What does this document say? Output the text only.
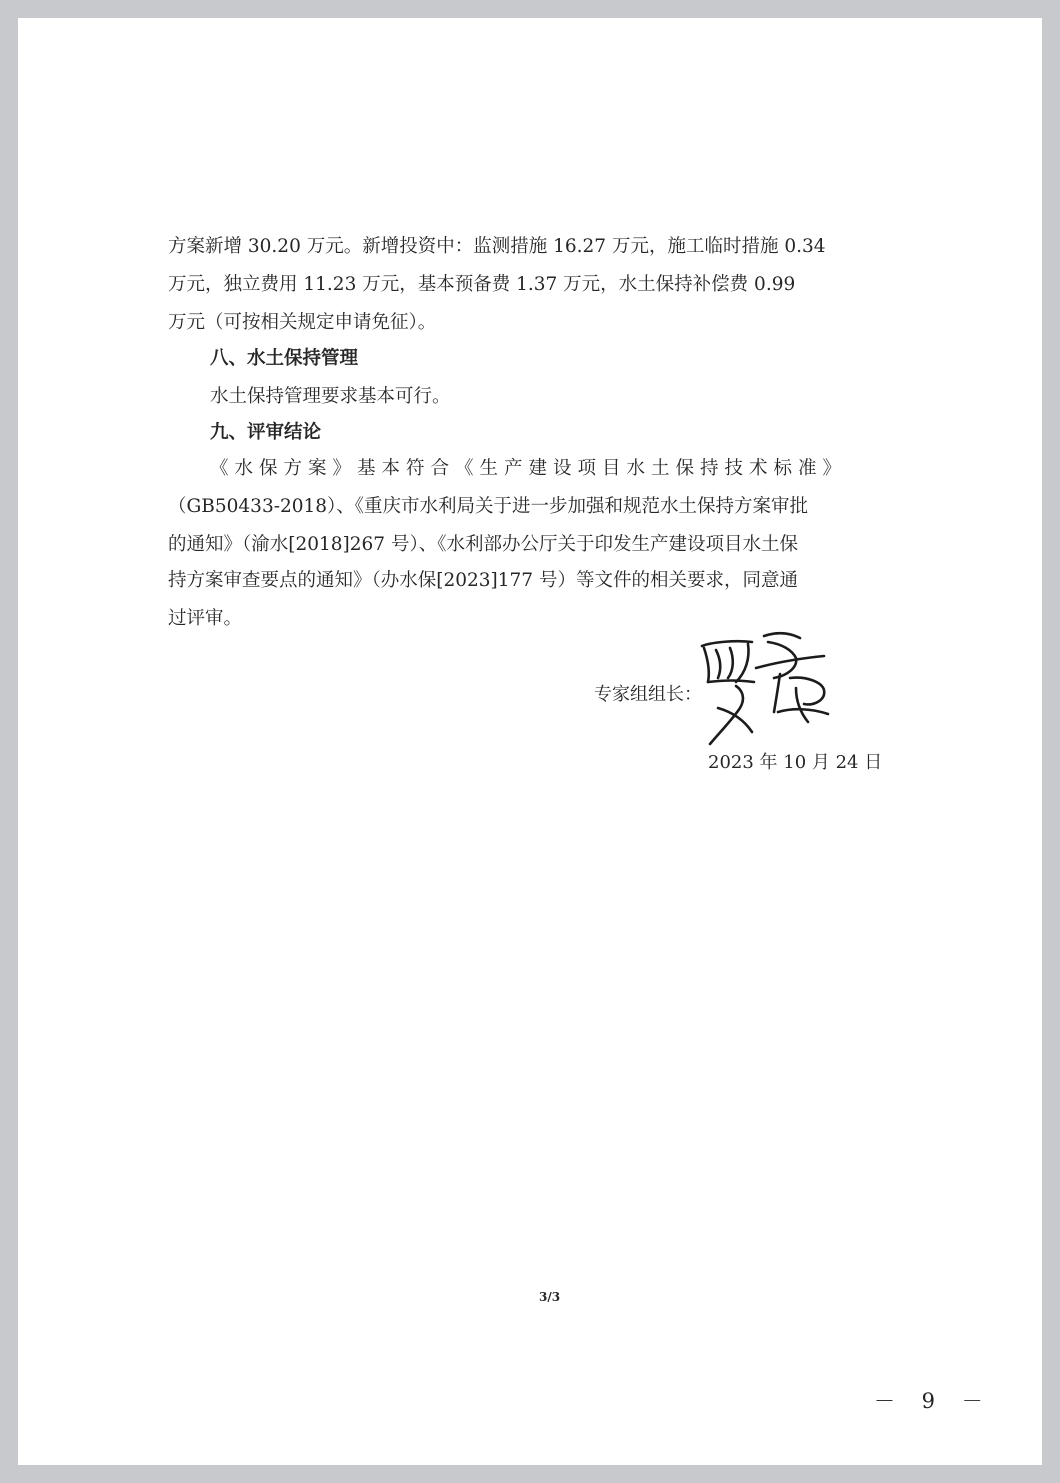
方案新增 30.20 万元。新增投资中：监测措施 16.27 万元，施工临时措施 0.34
万元，独立费用 11.23 万元，基本预备费 1.37 万元，水土保持补偿费 0.99
万元（可按相关规定申请免征）。
八、水土保持管理
水土保持管理要求基本可行。
九、评审结论
《水保方案》基本符合《生产建设项目水土保持技术标准》
（GB50433-2018）、《重庆市水利局关于进一步加强和规范水土保持方案审批
的通知》（渝水[2018]267 号）、《水利部办公厅关于印发生产建设项目水土保
持方案审查要点的通知》（办水保[2023]177 号）等文件的相关要求，同意通
过评审。
专家组组长：
2023 年 10 月 24 日
3/3
－ 9 －
